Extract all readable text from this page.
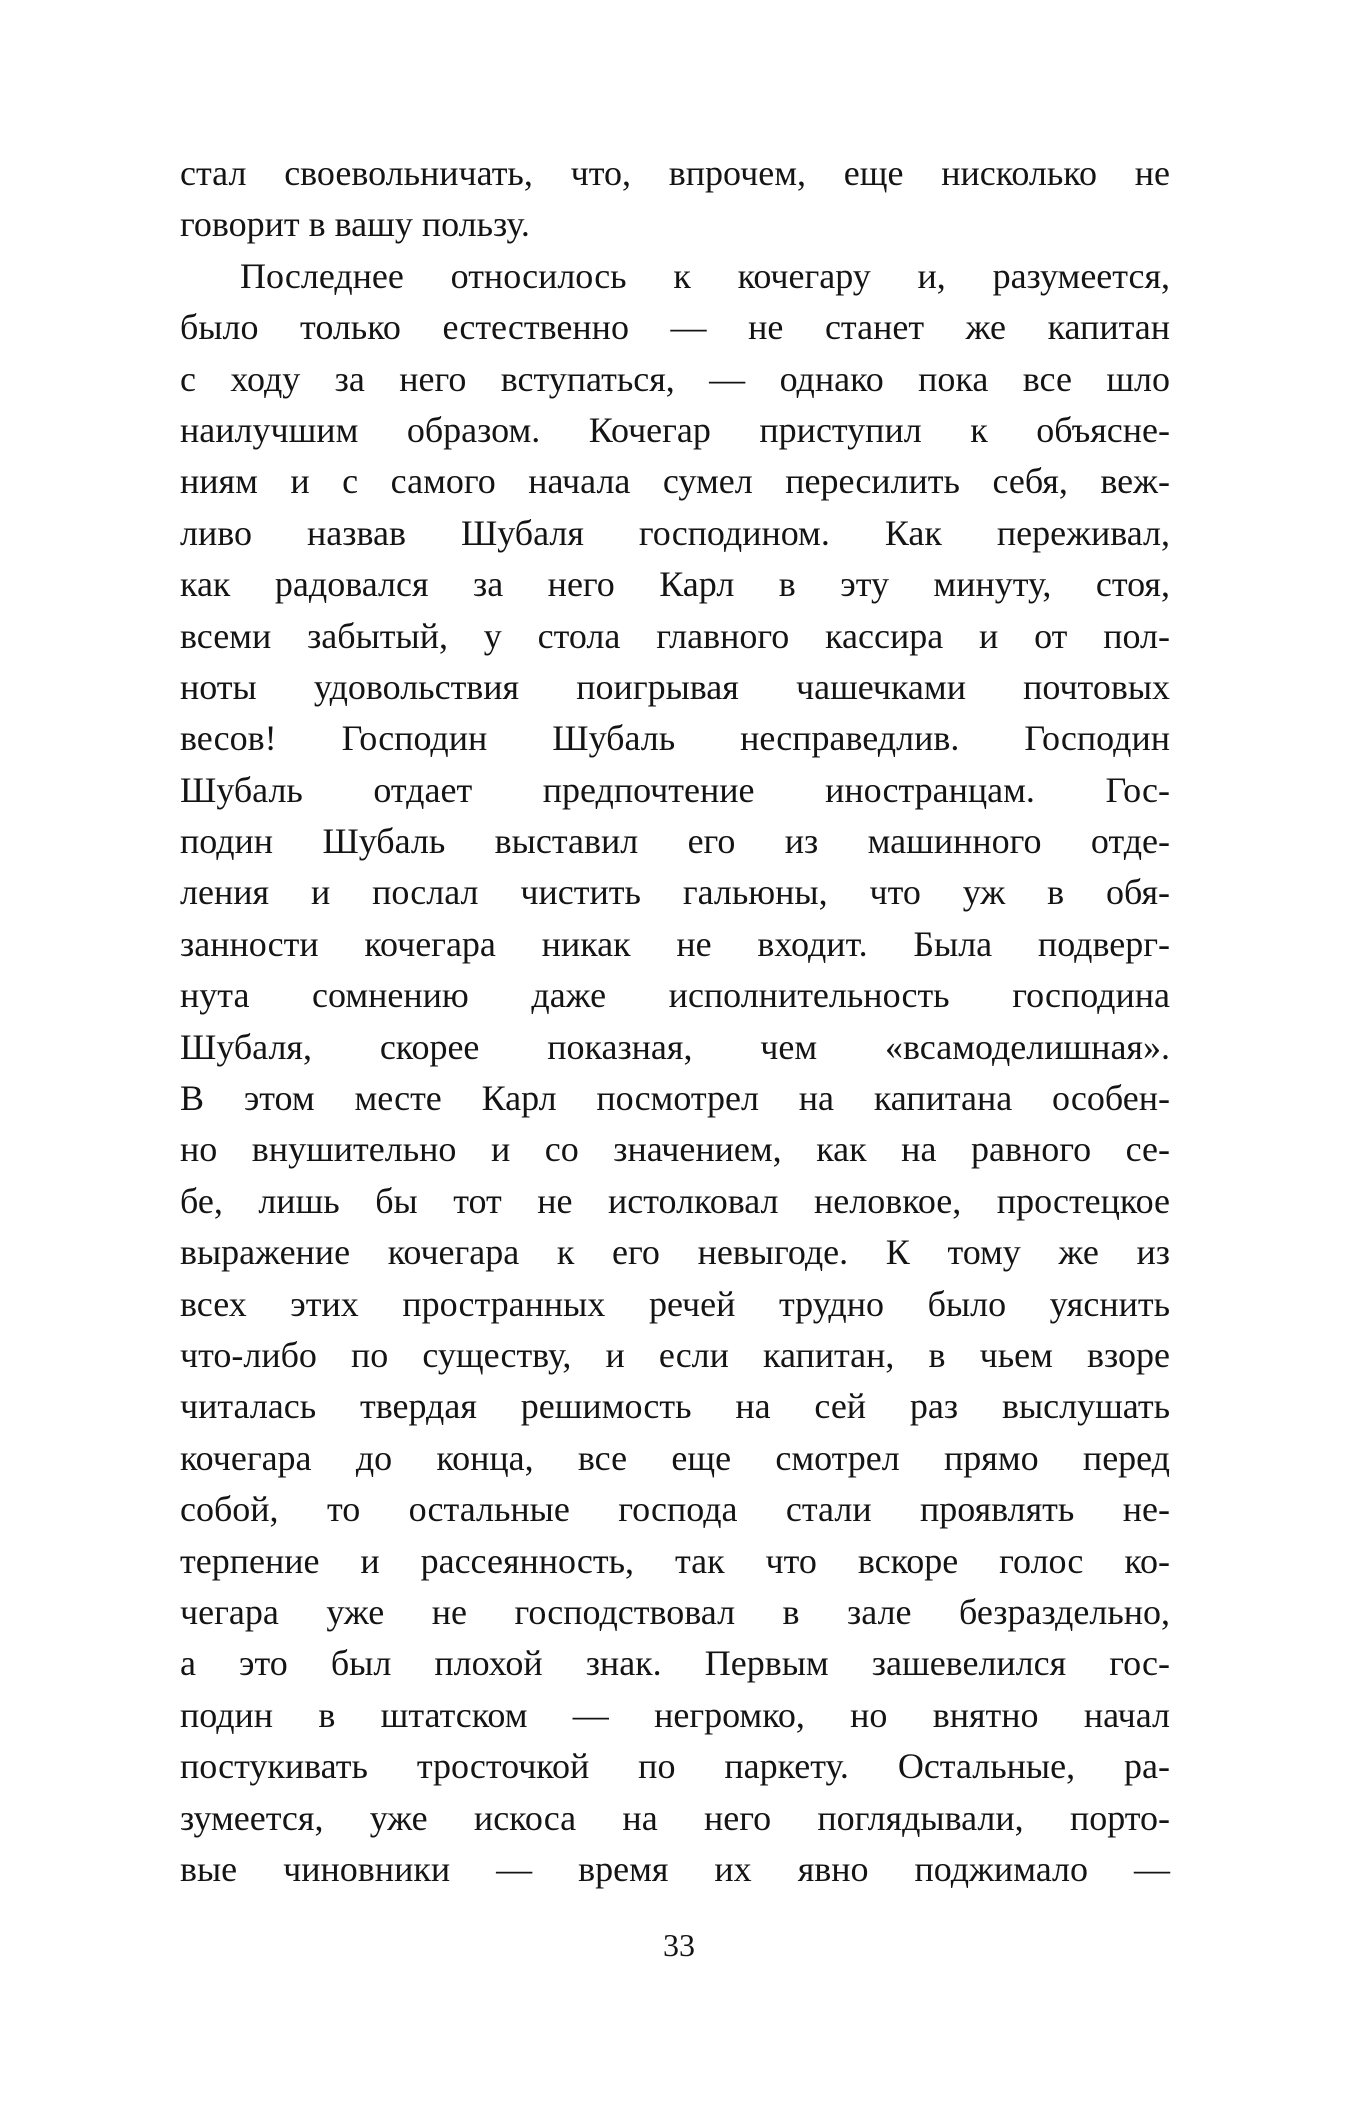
стал своевольничать, что, впрочем, еще нисколько не
говорит в вашу пользу.
Последнее относилось к кочегару и, разумеется,
было только естественно — не станет же капитан
с ходу за него вступаться, — однако пока все шло
наилучшим образом. Кочегар приступил к объясне-
ниям и с самого начала сумел пересилить себя, веж-
ливо назвав Шубаля господином. Как переживал,
как радовался за него Карл в эту минуту, стоя,
всеми забытый, у стола главного кассира и от пол-
ноты удовольствия поигрывая чашечками почтовых
весов! Господин Шубаль несправедлив. Господин
Шубаль отдает предпочтение иностранцам. Гос-
подин Шубаль выставил его из машинного отде-
ления и послал чистить гальюны, что уж в обя-
занности кочегара никак не входит. Была подверг-
нута сомнению даже исполнительность господина
Шубаля, скорее показная, чем «всамоделишная».
В этом месте Карл посмотрел на капитана особен-
но внушительно и со значением, как на равного се-
бе, лишь бы тот не истолковал неловкое, простецкое
выражение кочегара к его невыгоде. К тому же из
всех этих пространных речей трудно было уяснить
что-либо по существу, и если капитан, в чьем взоре
читалась твердая решимость на сей раз выслушать
кочегара до конца, все еще смотрел прямо перед
собой, то остальные господа стали проявлять не-
терпение и рассеянность, так что вскоре голос ко-
чегара уже не господствовал в зале безраздельно,
а это был плохой знак. Первым зашевелился гос-
подин в штатском — негромко, но внятно начал
постукивать тросточкой по паркету. Остальные, ра-
зумеется, уже искоса на него поглядывали, порто-
вые чиновники — время их явно поджимало —
33
